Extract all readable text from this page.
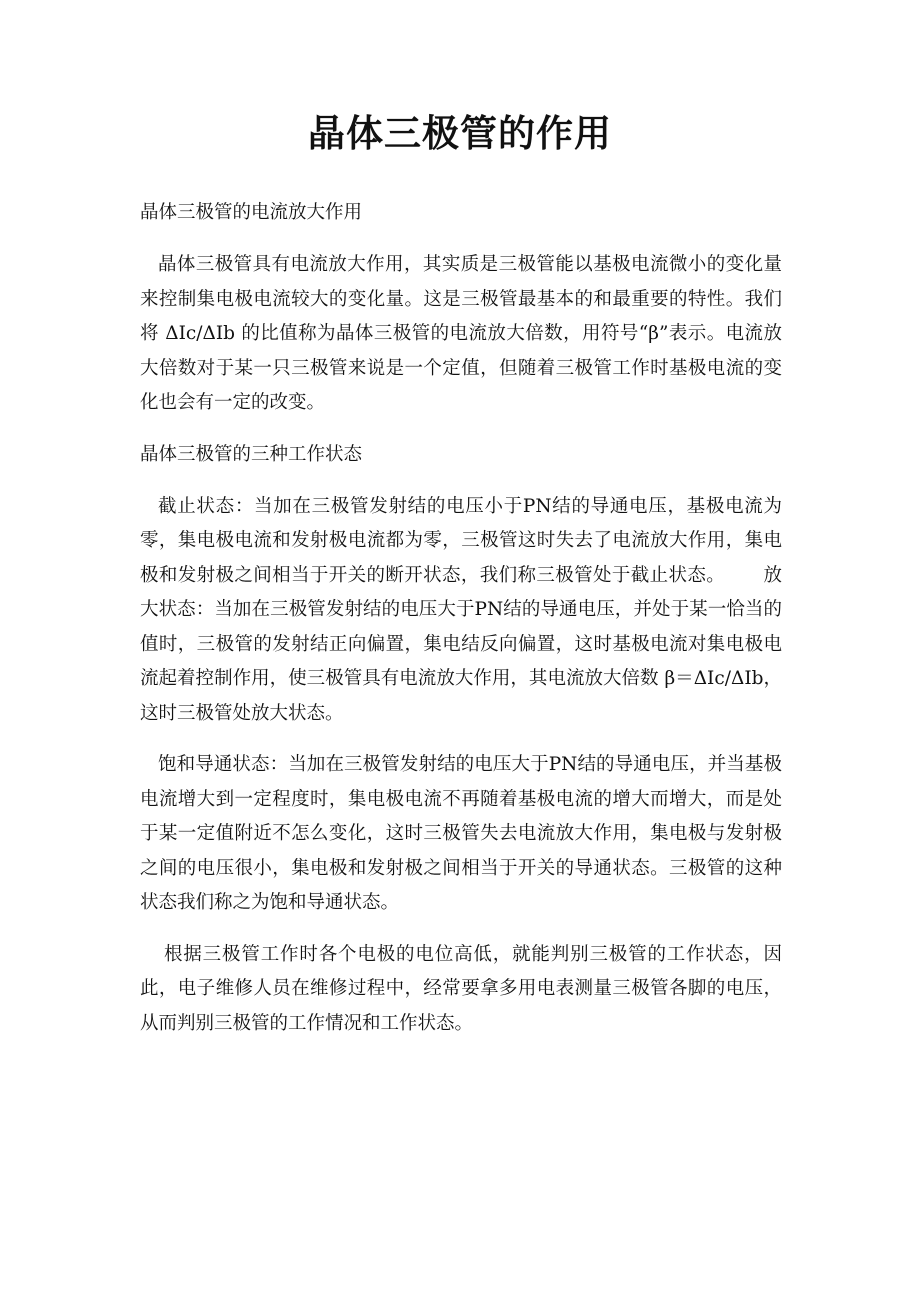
晶体三极管的作用

晶体三极管的电流放大作用

晶体三极管具有电流放大作用，其实质是三极管能以基极电流微小的变化量来控制集电极电流较大的变化量。这是三极管最基本的和最重要的特性。我们将 ΔIc/ΔIb 的比值称为晶体三极管的电流放大倍数，用符号“β”表示。电流放大倍数对于某一只三极管来说是一个定值，但随着三极管工作时基极电流的变化也会有一定的改变。

晶体三极管的三种工作状态

截止状态：当加在三极管发射结的电压小于PN结的导通电压，基极电流为零，集电极电流和发射极电流都为零，三极管这时失去了电流放大作用，集电极和发射极之间相当于开关的断开状态，我们称三极管处于截止状态。 放大状态：当加在三极管发射结的电压大于PN结的导通电压，并处于某一恰当的值时，三极管的发射结正向偏置，集电结反向偏置，这时基极电流对集电极电流起着控制作用，使三极管具有电流放大作用，其电流放大倍数 β＝ΔIc/ΔIb，这时三极管处放大状态。

饱和导通状态：当加在三极管发射结的电压大于PN结的导通电压，并当基极电流增大到一定程度时，集电极电流不再随着基极电流的增大而增大，而是处于某一定值附近不怎么变化，这时三极管失去电流放大作用，集电极与发射极之间的电压很小，集电极和发射极之间相当于开关的导通状态。三极管的这种状态我们称之为饱和导通状态。

根据三极管工作时各个电极的电位高低，就能判别三极管的工作状态，因此，电子维修人员在维修过程中，经常要拿多用电表测量三极管各脚的电压，从而判别三极管的工作情况和工作状态。
